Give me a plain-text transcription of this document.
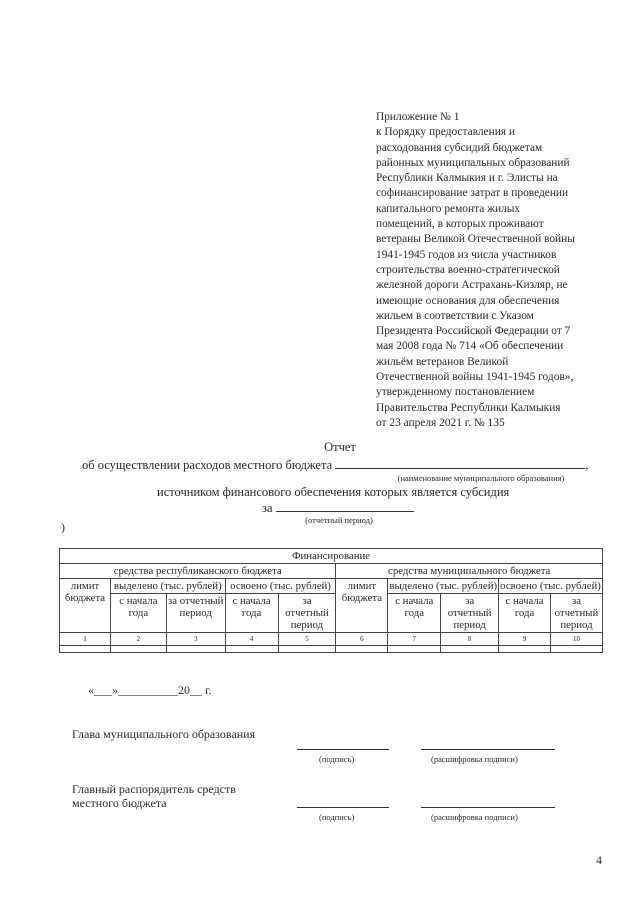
Приложение № 1
к Порядку предоставления и
расходования субсидий бюджетам
районных муниципальных образований
Республики Калмыкия и г. Элисты на
софинансирование затрат в проведении
капитального ремонта жилых
помещений, в которых проживают
ветераны Великой Отечественной войны
1941-1945 годов из числа участников
строительства военно-стратегической
железной дороги Астрахань-Кизляр, не
имеющие основания для обеспечения
жильем в соответствии с Указом
Президента Российской Федерации от 7
мая 2008 года № 714 «Об обеспечении
жильём ветеранов Великой
Отечественной войны 1941-1945 годов»,
утвержденному постановлением
Правительства Республики Калмыкия
от 23 апреля 2021 г. № 135
Отчет
об осуществлении расходов местного бюджета	,
(наименование муниципального образования)
источником финансового обеспечения которых является субсидия
за
(отчетный период)
)
Финансирование									
средства республиканского бюджета					средства муниципального бюджета				
лимит бюджета	выделено (тыс. рублей)		освоено (тыс. рублей)		лимит бюджета	выделено (тыс. рублей)		освоено (тыс. рублей)	
	с начала года	за отчетный период	с начала года	за отчетный период		с начала года	за отчетный период	с начала года	за отчетный период
1	2	3	4	5	6	7	8	9	10

«___»__________20__ г.
Глава муниципального образования
(подпись)	(расшифровка подписи)
Главный распорядитель средств
местного бюджета
(подпись)	(расшифровка подписи)
4
